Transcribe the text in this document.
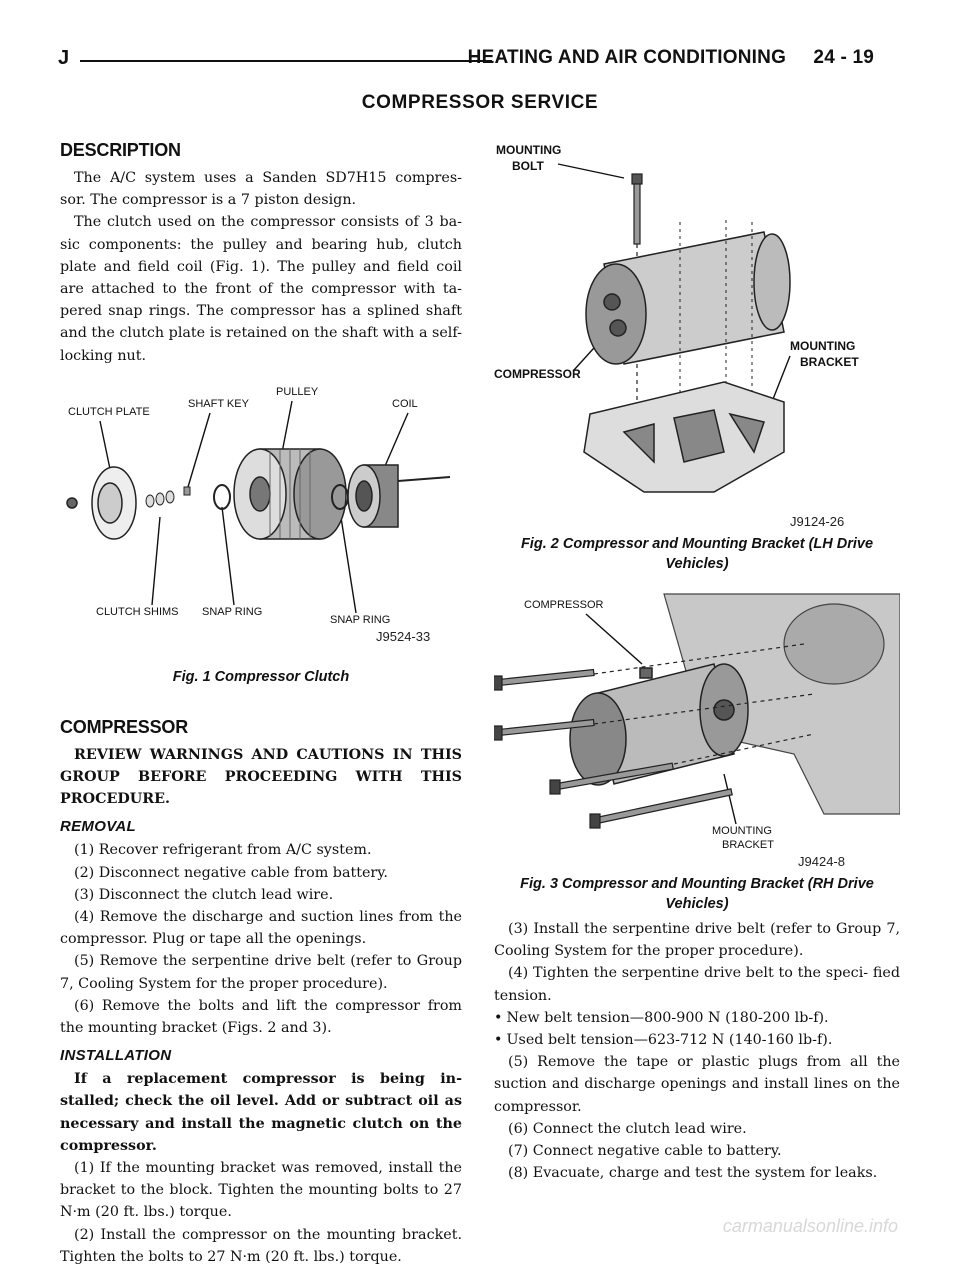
J	HEATING AND AIR CONDITIONING     24 - 19
COMPRESSOR SERVICE
DESCRIPTION

The A/C system uses a Sanden SD7H15 compres- sor. The compressor is a 7 piston design.

The clutch used on the compressor consists of 3 ba- sic components: the pulley and bearing hub, clutch plate and field coil (Fig. 1). The pulley and field coil are attached to the front of the compressor with ta- pered snap rings. The compressor has a splined shaft and the clutch plate is retained on the shaft with a self-locking nut.

CLUTCH PLATE
SHAFT KEY
PULLEY
COIL
CLUTCH SHIMS SNAP RING
SNAP RING
J9524-33
Fig. 1 Compressor Clutch
COMPRESSOR

REVIEW WARNINGS AND CAUTIONS IN THIS GROUP BEFORE PROCEEDING WITH THIS PROCEDURE.

REMOVAL

(1) Recover refrigerant from A/C system.

(2) Disconnect negative cable from battery.

(3) Disconnect the clutch lead wire.

(4) Remove the discharge and suction lines from the compressor. Plug or tape all the openings.

(5) Remove the serpentine drive belt (refer to Group 7, Cooling System for the proper procedure).

(6) Remove the bolts and lift the compressor from the mounting bracket (Figs. 2 and 3).

INSTALLATION

If a replacement compressor is being in- stalled; check the oil level. Add or subtract oil as necessary and install the magnetic clutch on the compressor.

(1) If the mounting bracket was removed, install the bracket to the block. Tighten the mounting bolts to 27 N·m (20 ft. lbs.) torque.

(2) Install the compressor on the mounting bracket. Tighten the bolts to 27 N·m (20 ft. lbs.) torque.

MOUNTING
BOLT
COMPRESSOR
MOUNTING
BRACKET
J9124-26
Fig. 2 Compressor and Mounting Bracket (LH Drive
Vehicles)
COMPRESSOR
MOUNTING
BRACKET
J9424-8
Fig. 3 Compressor and Mounting Bracket (RH Drive
Vehicles)

(3) Install the serpentine drive belt (refer to Group 7, Cooling System for the proper procedure).

(4) Tighten the serpentine drive belt to the speci- fied tension.

• New belt tension—800-900 N (180-200 lb-f).

• Used belt tension—623-712 N (140-160 lb-f).

(5) Remove the tape or plastic plugs from all the suction and discharge openings and install lines on the compressor.

(6) Connect the clutch lead wire.

(7) Connect negative cable to battery.

(8) Evacuate, charge and test the system for leaks.

carmanualsonline.info
